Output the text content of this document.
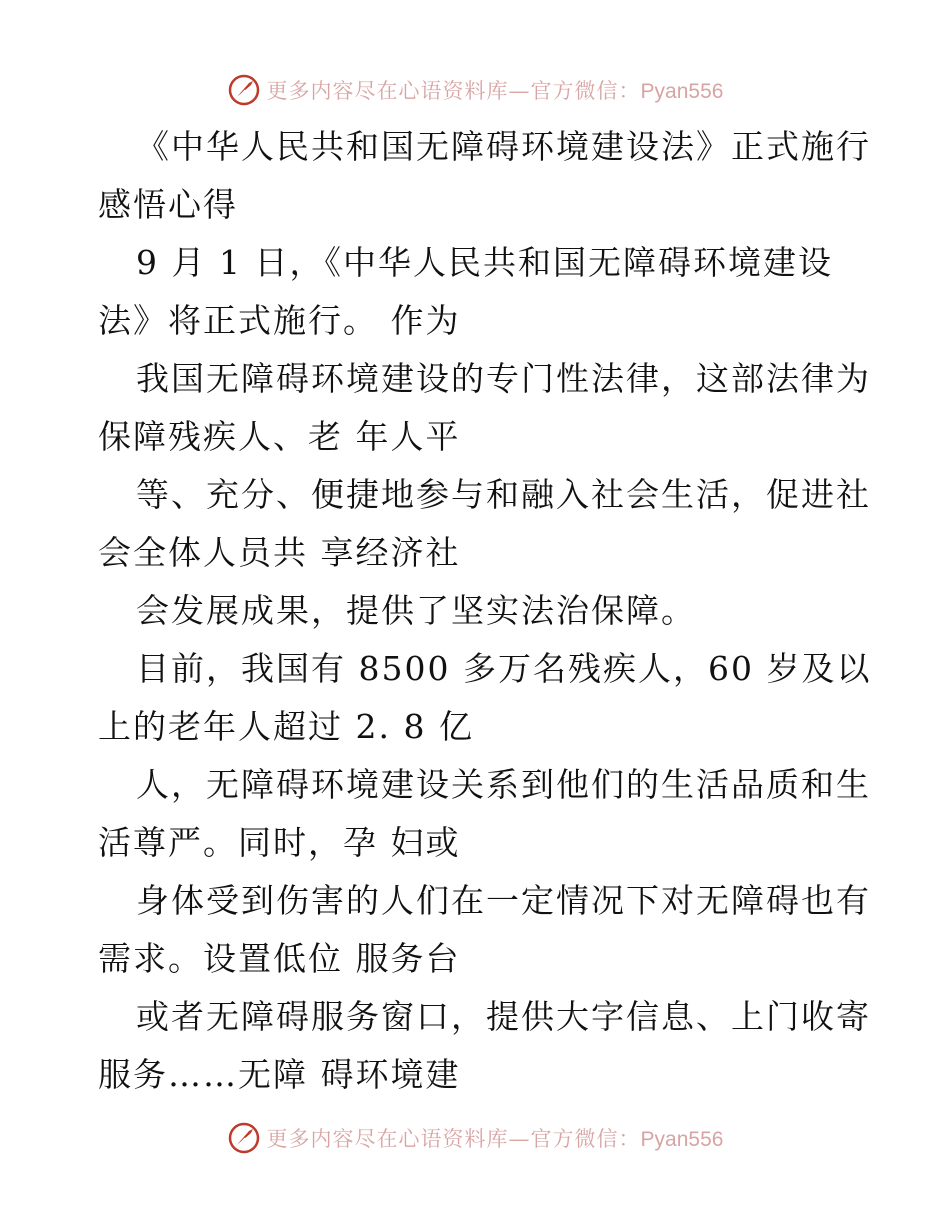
更多内容尽在心语资料库—官方微信：Pyan556
《中华人民共和国无障碍环境建设法》正式施行
感悟心得
9 月 1 日，《中华人民共和国无障碍环境建设
法》将正式施行。 作为
我国无障碍环境建设的专门性法律，这部法律为
保障残疾人、老 年人平
等、充分、便捷地参与和融入社会生活，促进社
会全体人员共 享经济社
会发展成果，提供了坚实法治保障。
目前，我国有 8500 多万名残疾人，60 岁及以
上的老年人超过 2. 8 亿
人，无障碍环境建设关系到他们的生活品质和生
活尊严。同时，孕 妇或
身体受到伤害的人们在一定情况下对无障碍也有
需求。设置低位 服务台
或者无障碍服务窗口，提供大字信息、上门收寄
服务……无障 碍环境建
更多内容尽在心语资料库—官方微信：Pyan556
